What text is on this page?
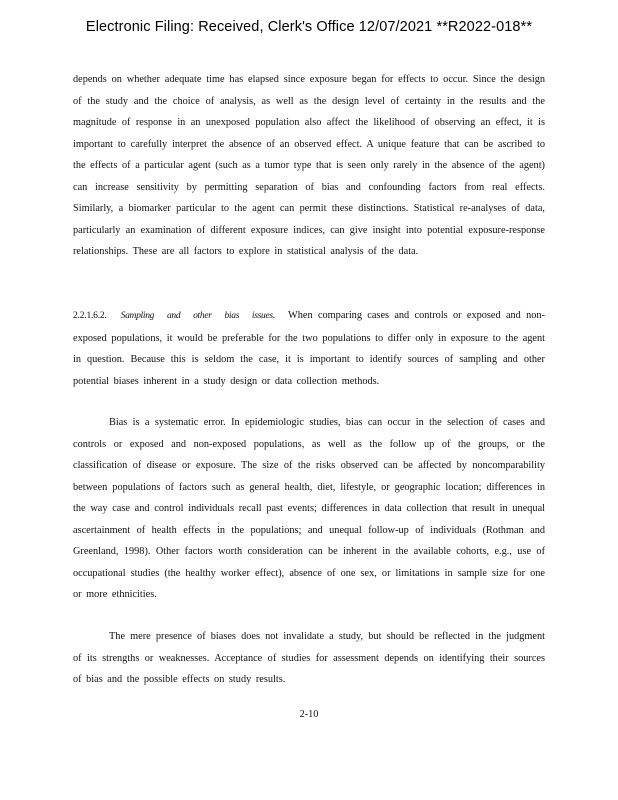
Electronic Filing: Received, Clerk's Office 12/07/2021 **R2022-018**
depends on whether adequate time has elapsed since exposure began for effects to occur. Since the design of the study and the choice of analysis, as well as the design level of certainty in the results and the magnitude of response in an unexposed population also affect the likelihood of observing an effect, it is important to carefully interpret the absence of an observed effect. A unique feature that can be ascribed to the effects of a particular agent (such as a tumor type that is seen only rarely in the absence of the agent) can increase sensitivity by permitting separation of bias and confounding factors from real effects. Similarly, a biomarker particular to the agent can permit these distinctions. Statistical re-analyses of data, particularly an examination of different exposure indices, can give insight into potential exposure-response relationships. These are all factors to explore in statistical analysis of the data.
2.2.1.6.2. Sampling and other bias issues. When comparing cases and controls or exposed and non-exposed populations, it would be preferable for the two populations to differ only in exposure to the agent in question. Because this is seldom the case, it is important to identify sources of sampling and other potential biases inherent in a study design or data collection methods.
Bias is a systematic error. In epidemiologic studies, bias can occur in the selection of cases and controls or exposed and non-exposed populations, as well as the follow up of the groups, or the classification of disease or exposure. The size of the risks observed can be affected by noncomparability between populations of factors such as general health, diet, lifestyle, or geographic location; differences in the way case and control individuals recall past events; differences in data collection that result in unequal ascertainment of health effects in the populations; and unequal follow-up of individuals (Rothman and Greenland, 1998). Other factors worth consideration can be inherent in the available cohorts, e.g., use of occupational studies (the healthy worker effect), absence of one sex, or limitations in sample size for one or more ethnicities.
The mere presence of biases does not invalidate a study, but should be reflected in the judgment of its strengths or weaknesses. Acceptance of studies for assessment depends on identifying their sources of bias and the possible effects on study results.
2-10
